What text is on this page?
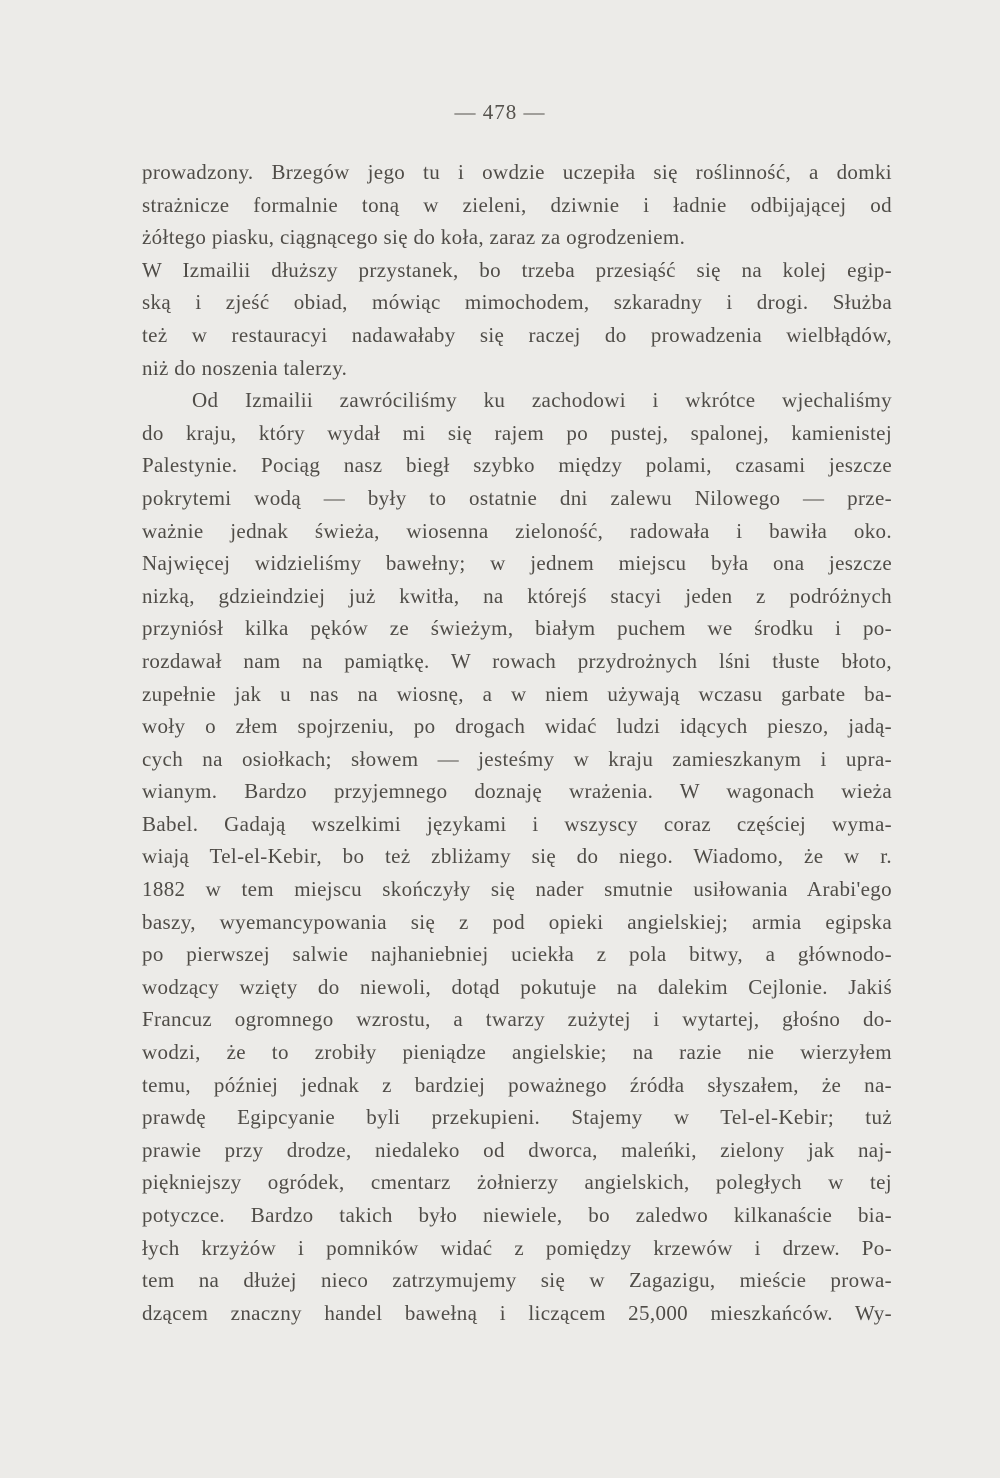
— 478 —
prowadzony. Brzegów jego tu i owdzie uczepiła się roślinność, a domki
strażnicze formalnie toną w zieleni, dziwnie i ładnie odbijającej od
żółtego piasku, ciągnącego się do koła, zaraz za ogrodzeniem.
W Izmailii dłuższy przystanek, bo trzeba przesiąść się na kolej egip-
ską i zjeść obiad, mówiąc mimochodem, szkaradny i drogi. Służba
też w restauracyi nadawałaby się raczej do prowadzenia wielbłądów,
niż do noszenia talerzy.
Od Izmailii zawróciliśmy ku zachodowi i wkrótce wjechaliśmy
do kraju, który wydał mi się rajem po pustej, spalonej, kamienistej
Palestynie. Pociąg nasz biegł szybko między polami, czasami jeszcze
pokrytemi wodą — były to ostatnie dni zalewu Nilowego — prze-
ważnie jednak świeża, wiosenna zieloność, radowała i bawiła oko.
Najwięcej widzieliśmy bawełny; w jednem miejscu była ona jeszcze
nizką, gdzieindziej już kwitła, na którejś stacyi jeden z podróżnych
przyniósł kilka pęków ze świeżym, białym puchem we środku i po-
rozdawał nam na pamiątkę. W rowach przydrożnych lśni tłuste błoto,
zupełnie jak u nas na wiosnę, a w niem używają wczasu garbate ba-
woły o złem spojrzeniu, po drogach widać ludzi idących pieszo, jadą-
cych na osiołkach; słowem — jesteśmy w kraju zamieszkanym i upra-
wianym. Bardzo przyjemnego doznaję wrażenia. W wagonach wieża
Babel. Gadają wszelkimi językami i wszyscy coraz częściej wyma-
wiają Tel-el-Kebir, bo też zbliżamy się do niego. Wiadomo, że w r.
1882 w tem miejscu skończyły się nader smutnie usiłowania Arabi'ego
baszy, wyemancypowania się z pod opieki angielskiej; armia egipska
po pierwszej salwie najhaniebniej uciekła z pola bitwy, a głównodo-
wodzący wzięty do niewoli, dotąd pokutuje na dalekim Cejlonie. Jakiś
Francuz ogromnego wzrostu, a twarzy zużytej i wytartej, głośno do-
wodzi, że to zrobiły pieniądze angielskie; na razie nie wierzyłem
temu, później jednak z bardziej poważnego źródła słyszałem, że na-
prawdę Egipcyanie byli przekupieni. Stajemy w Tel-el-Kebir; tuż
prawie przy drodze, niedaleko od dworca, maleńki, zielony jak naj-
piękniejszy ogródek, cmentarz żołnierzy angielskich, poległych w tej
potyczce. Bardzo takich było niewiele, bo zaledwo kilkanaście bia-
łych krzyżów i pomników widać z pomiędzy krzewów i drzew. Po-
tem na dłużej nieco zatrzymujemy się w Zagazigu, mieście prowa-
dzącem znaczny handel bawełną i liczącem 25,000 mieszkańców. Wy-
